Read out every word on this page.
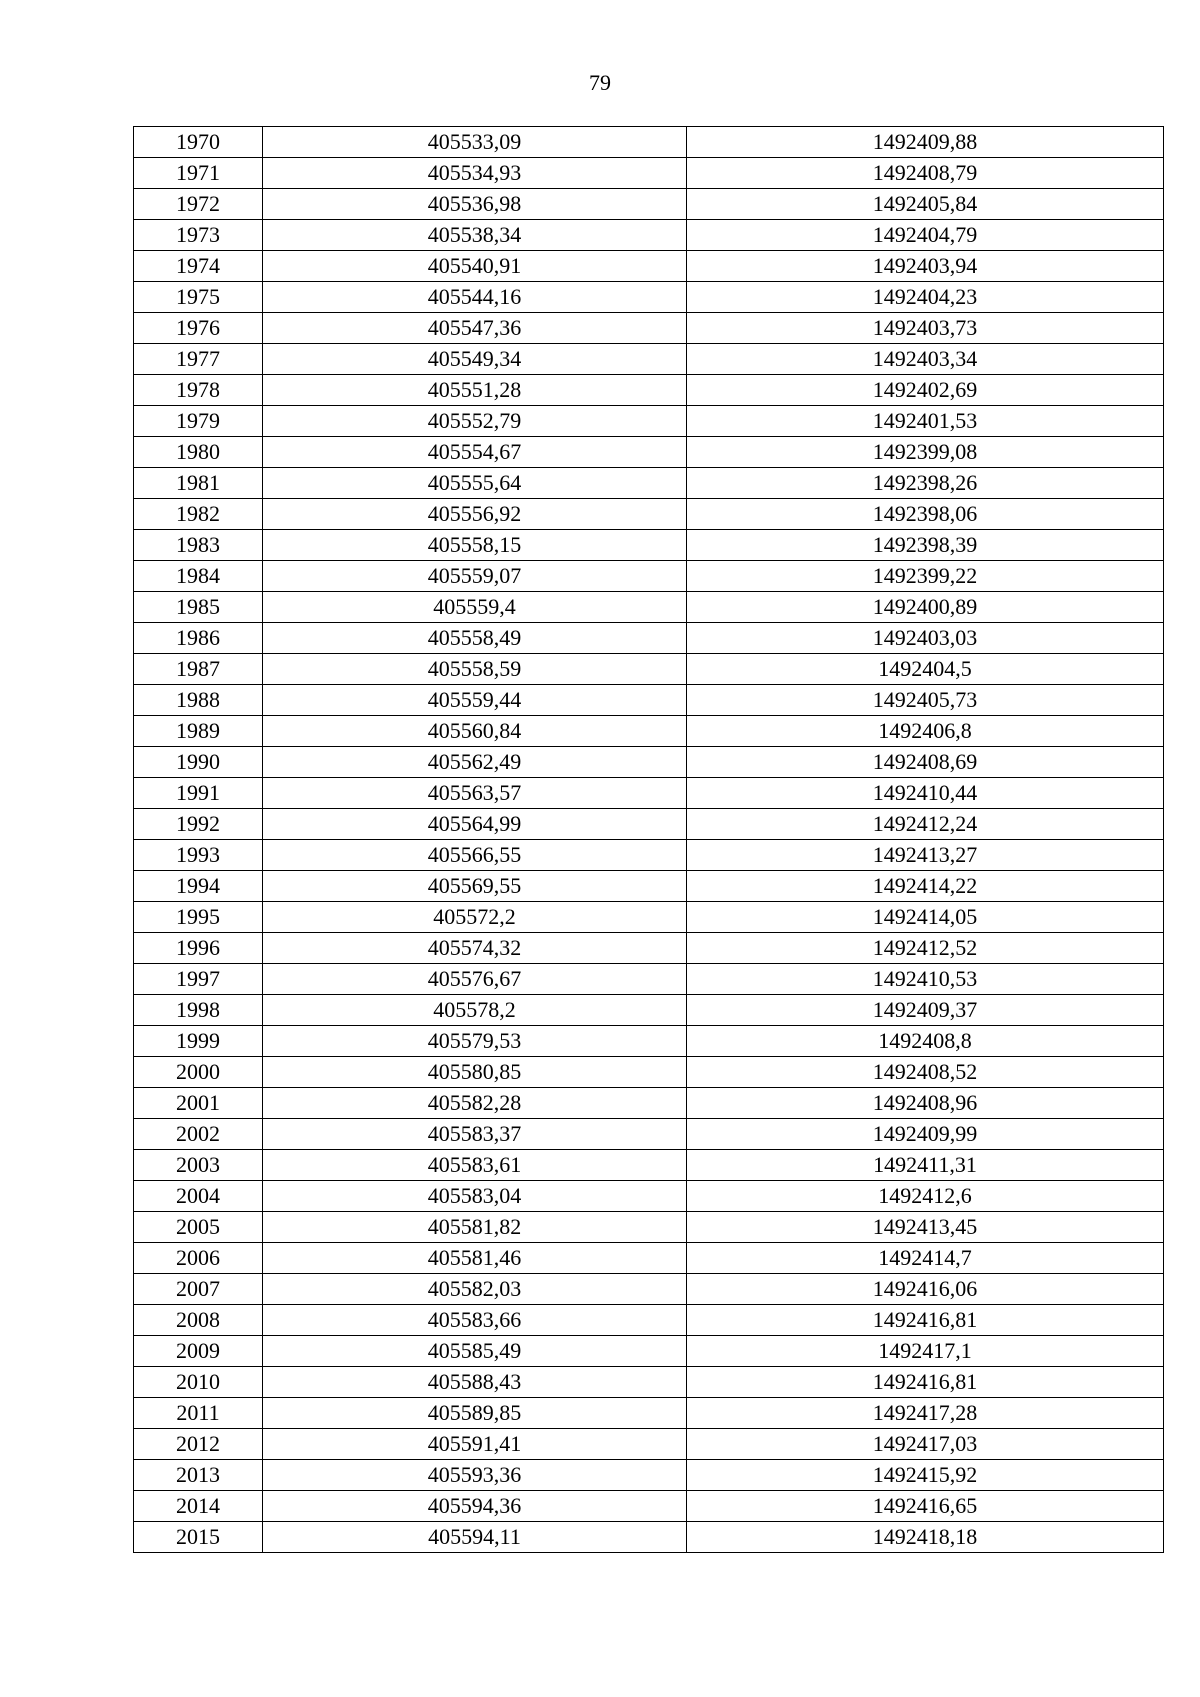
79
1970	405533,09	1492409,88
1971	405534,93	1492408,79
1972	405536,98	1492405,84
1973	405538,34	1492404,79
1974	405540,91	1492403,94
1975	405544,16	1492404,23
1976	405547,36	1492403,73
1977	405549,34	1492403,34
1978	405551,28	1492402,69
1979	405552,79	1492401,53
1980	405554,67	1492399,08
1981	405555,64	1492398,26
1982	405556,92	1492398,06
1983	405558,15	1492398,39
1984	405559,07	1492399,22
1985	405559,4	1492400,89
1986	405558,49	1492403,03
1987	405558,59	1492404,5
1988	405559,44	1492405,73
1989	405560,84	1492406,8
1990	405562,49	1492408,69
1991	405563,57	1492410,44
1992	405564,99	1492412,24
1993	405566,55	1492413,27
1994	405569,55	1492414,22
1995	405572,2	1492414,05
1996	405574,32	1492412,52
1997	405576,67	1492410,53
1998	405578,2	1492409,37
1999	405579,53	1492408,8
2000	405580,85	1492408,52
2001	405582,28	1492408,96
2002	405583,37	1492409,99
2003	405583,61	1492411,31
2004	405583,04	1492412,6
2005	405581,82	1492413,45
2006	405581,46	1492414,7
2007	405582,03	1492416,06
2008	405583,66	1492416,81
2009	405585,49	1492417,1
2010	405588,43	1492416,81
2011	405589,85	1492417,28
2012	405591,41	1492417,03
2013	405593,36	1492415,92
2014	405594,36	1492416,65
2015	405594,11	1492418,18
